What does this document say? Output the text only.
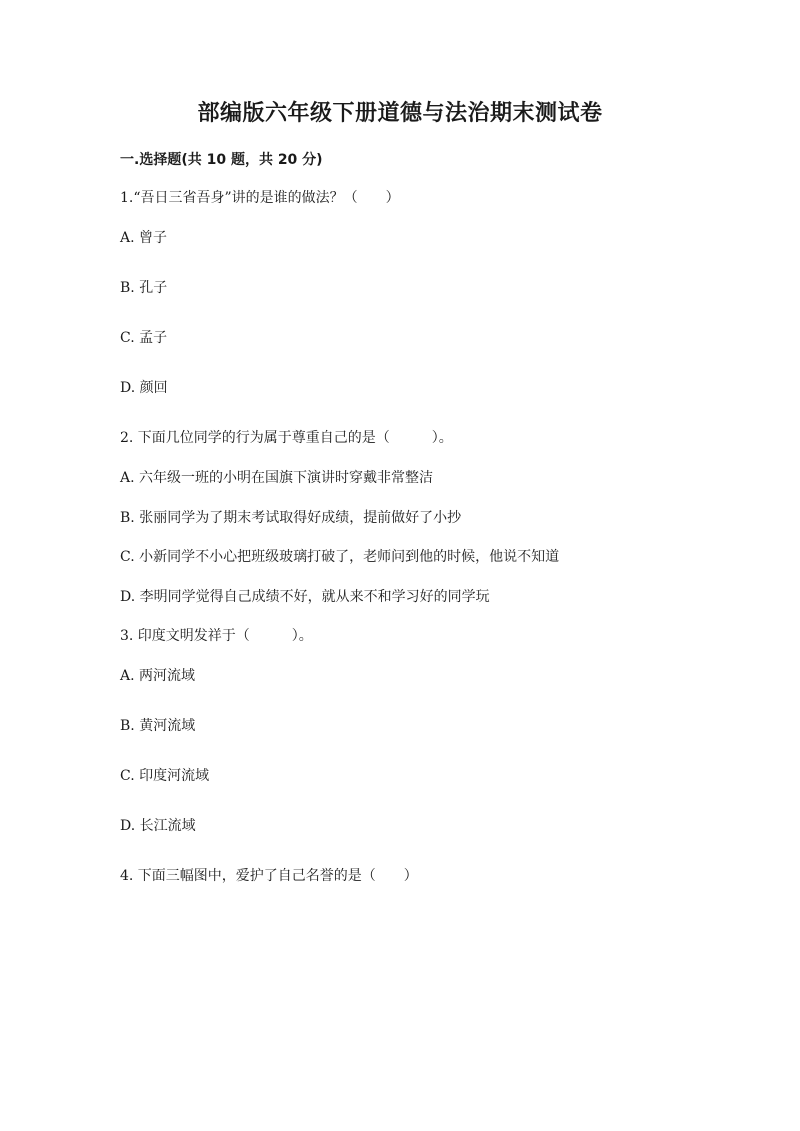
部编版六年级下册道德与法治期末测试卷
一.选择题(共 10 题，共 20 分)

1.“吾日三省吾身”讲的是谁的做法？（　　）

A. 曾子

B. 孔子

C. 孟子

D. 颜回

2. 下面几位同学的行为属于尊重自己的是（　　　）。

A. 六年级一班的小明在国旗下演讲时穿戴非常整洁

B. 张丽同学为了期末考试取得好成绩，提前做好了小抄

C. 小新同学不小心把班级玻璃打破了，老师问到他的时候，他说不知道

D. 李明同学觉得自己成绩不好，就从来不和学习好的同学玩

3. 印度文明发祥于（　　　）。

A. 两河流域

B. 黄河流域

C. 印度河流域

D. 长江流域

4. 下面三幅图中，爱护了自己名誉的是（　　）
